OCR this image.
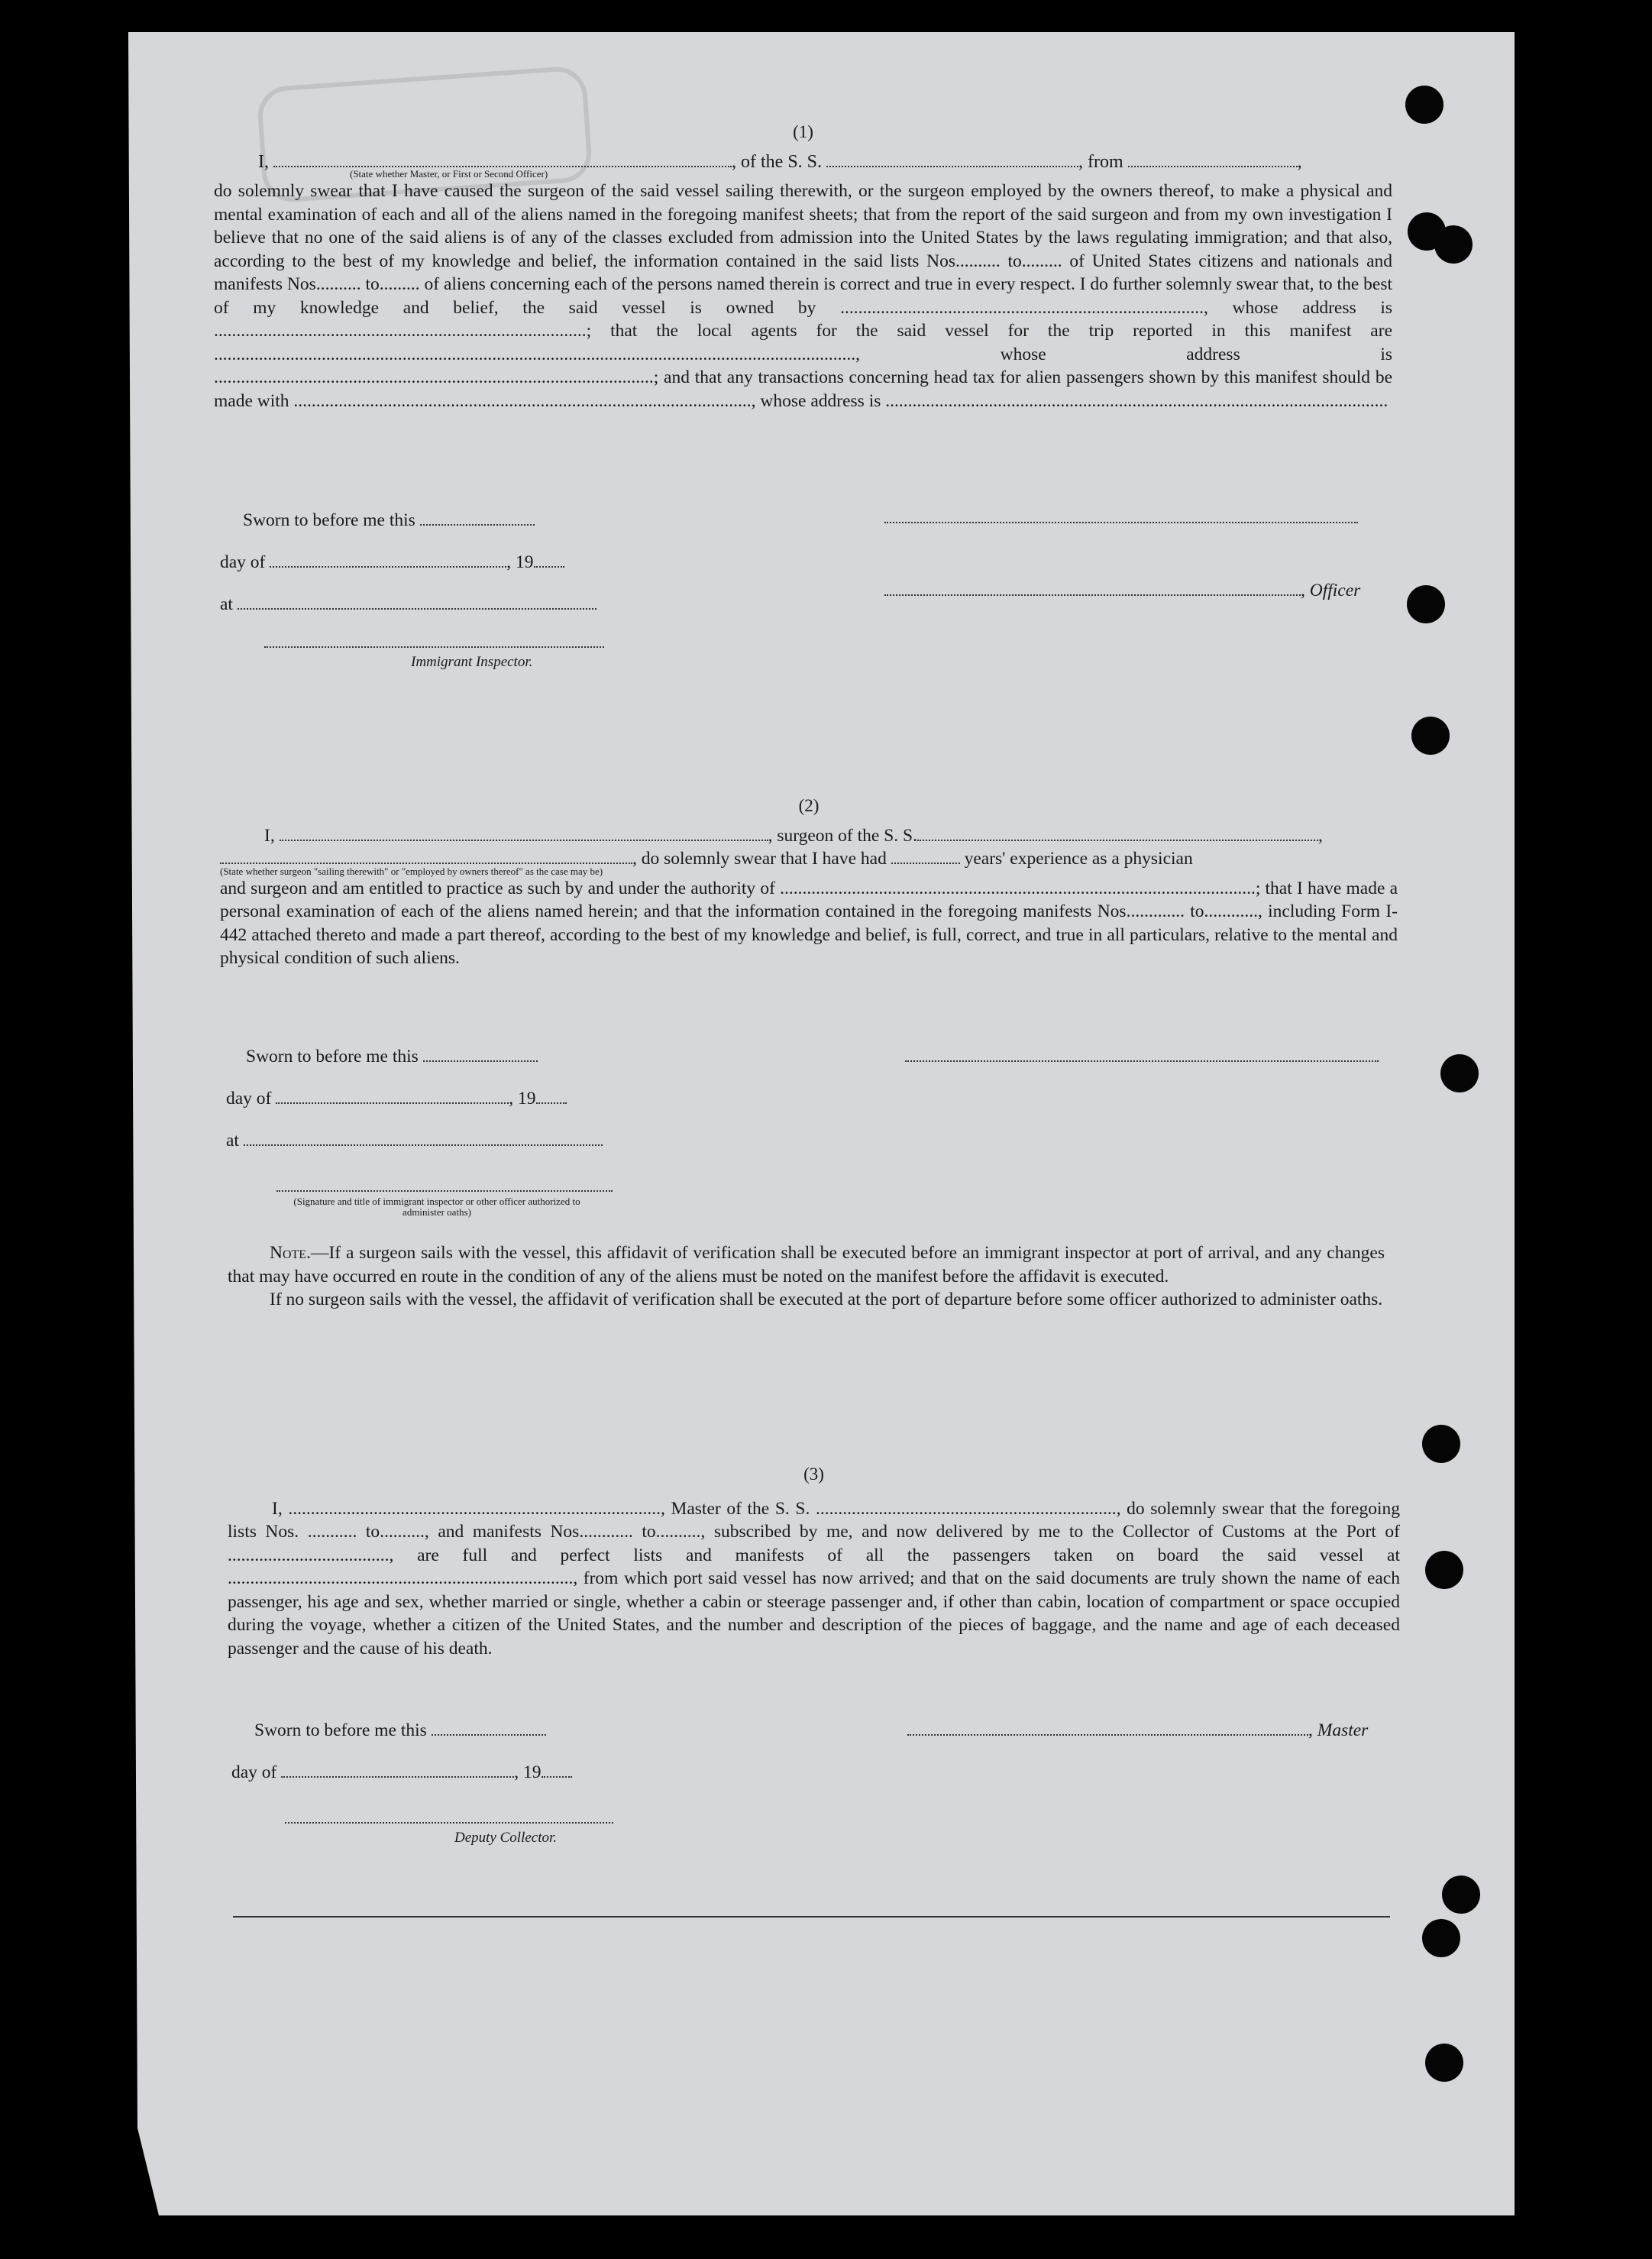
(1)
I,	, of the S. S.	, from	,
(State whether Master, or First or Second Officer)

do solemnly swear that I have caused the surgeon of the said vessel sailing therewith, or the surgeon employed by the owners thereof, to make a physical and mental examination of each and all of the aliens named in the foregoing manifest sheets; that from the report of the said surgeon and from my own investigation I believe that no one of the said aliens is of any of the classes excluded from admission into the United States by the laws regulating immigration; and that also, according to the best of my knowledge and belief, the information contained in the said lists Nos.......... to......... of United States citizens and nationals and manifests Nos.......... to......... of aliens concerning each of the persons named therein is correct and true in every respect. I do further solemnly swear that, to the best of my knowledge and belief, the said vessel is owned by ................................................................................., whose address is ...................................................................................; that the local agents for the said vessel for the trip reported in this manifest are ..............................................................................................................................................., whose address is ..................................................................................................; and that any transactions concerning head tax for alien passengers shown by this manifest should be made with ......................................................................................................, whose address is ................................................................................................................

Sworn to before me this
day of	, 19
at
Immigrant Inspector.
, Officer
(2)
I,	, surgeon of the S. S.	,
, do solemnly swear that I have had	years' experience as a physician
(State whether surgeon "sailing therewith" or "employed by owners thereof" as the case may be)

and surgeon and am entitled to practice as such by and under the authority of ..........................................................................................................; that I have made a personal examination of each of the aliens named herein; and that the information contained in the foregoing manifests Nos............. to............, including Form I-442 attached thereto and made a part thereof, according to the best of my knowledge and belief, is full, correct, and true in all particulars, relative to the mental and physical condition of such aliens.

Sworn to before me this
day of	, 19
at
(Signature and title of immigrant inspector or other officer authorized to administer oaths)

Note.—If a surgeon sails with the vessel, this affidavit of verification shall be executed before an immigrant inspector at port of arrival, and any changes that may have occurred en route in the condition of any of the aliens must be noted on the manifest before the affidavit is executed.

If no surgeon sails with the vessel, the affidavit of verification shall be executed at the port of departure before some officer authorized to administer oaths.

(3)

I, ..................................................................................., Master of the S. S. ..................................................................., do solemnly swear that the foregoing lists Nos. ........... to.........., and manifests Nos............ to.........., subscribed by me, and now delivered by me to the Collector of Customs at the Port of ...................................., are full and perfect lists and manifests of all the passengers taken on board the said vessel at ............................................................................., from which port said vessel has now arrived; and that on the said documents are truly shown the name of each passenger, his age and sex, whether married or single, whether a cabin or steerage passenger and, if other than cabin, location of compartment or space occupied during the voyage, whether a citizen of the United States, and the number and description of the pieces of baggage, and the name and age of each deceased passenger and the cause of his death.

Sworn to before me this
day of	, 19
Deputy Collector.
, Master
